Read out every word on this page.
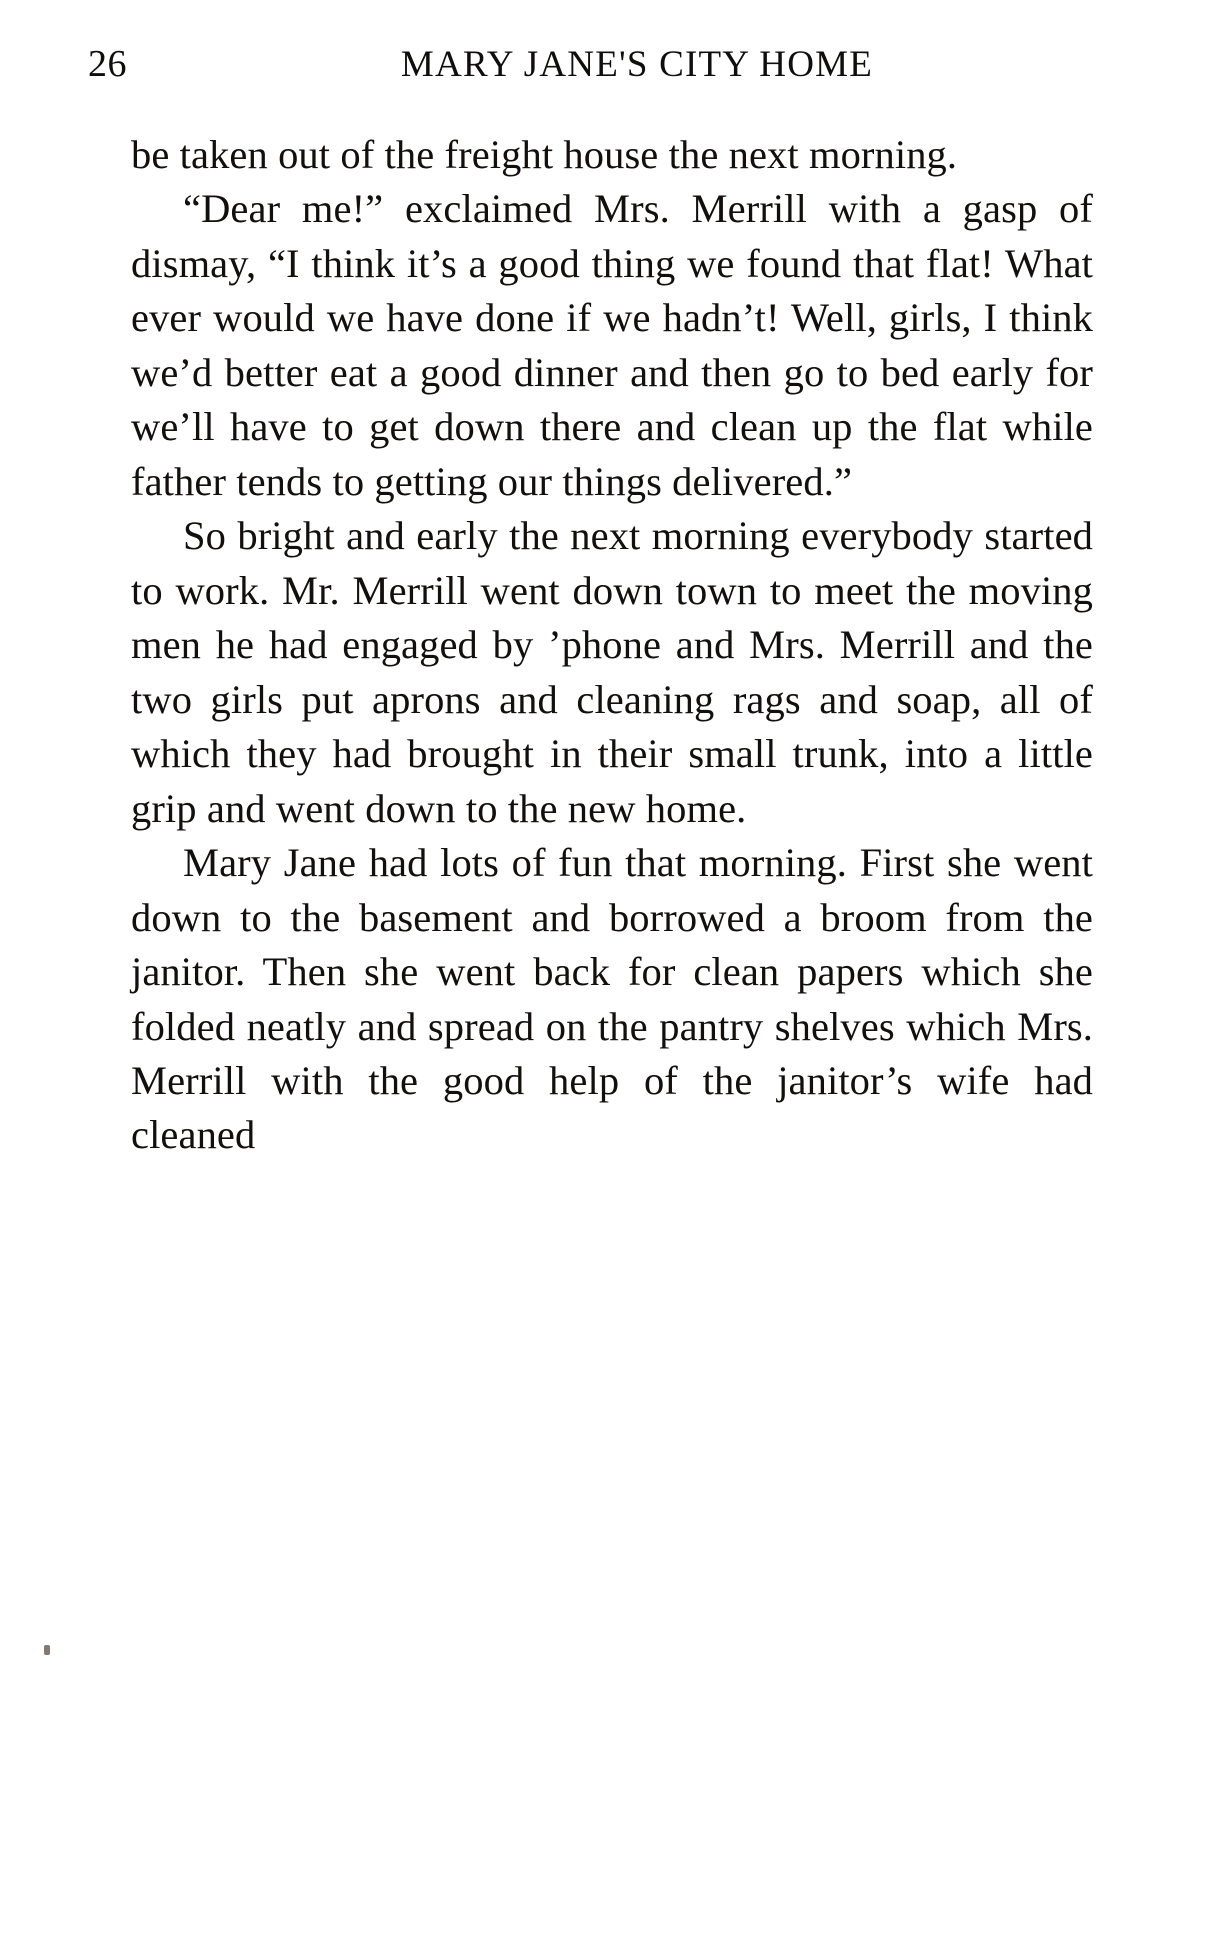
26	MARY JANE'S CITY HOME

be taken out of the freight house the next morning.

“Dear me!” exclaimed Mrs. Merrill with a gasp of dismay, “I think it’s a good thing we found that flat! What ever would we have done if we hadn’t! Well, girls, I think we’d better eat a good dinner and then go to bed early for we’ll have to get down there and clean up the flat while father tends to getting our things delivered.”

So bright and early the next morning everybody started to work. Mr. Merrill went down town to meet the moving men he had engaged by ’phone and Mrs. Merrill and the two girls put aprons and cleaning rags and soap, all of which they had brought in their small trunk, into a little grip and went down to the new home.

Mary Jane had lots of fun that morning. First she went down to the basement and borrowed a broom from the janitor. Then she went back for clean papers which she folded neatly and spread on the pantry shelves which Mrs. Merrill with the good help of the janitor’s wife had cleaned
